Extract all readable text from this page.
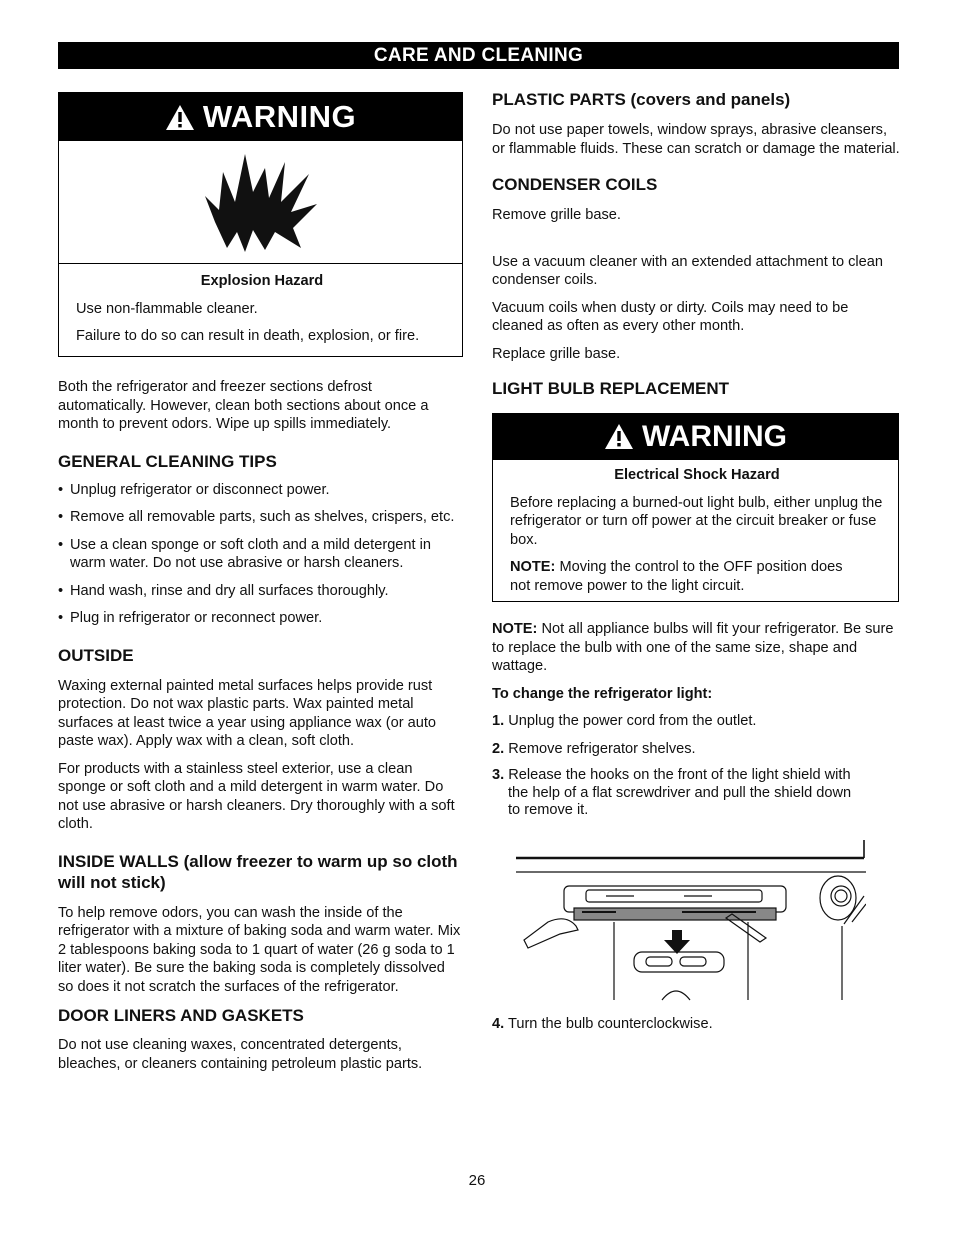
CARE AND CLEANING
WARNING

Explosion Hazard

Use non-flammable cleaner.

Failure to do so can result in death, explosion, or fire.

Both the refrigerator and freezer sections defrost automatically. However, clean both sections about once a month to prevent odors. Wipe up spills immediately.

GENERAL CLEANING TIPS
• Unplug refrigerator or disconnect power.
• Remove all removable parts, such as shelves, crispers, etc.
• Use a clean sponge or soft cloth and a mild detergent in warm water. Do not use abrasive or harsh cleaners.
• Hand wash, rinse and dry all surfaces thoroughly.
• Plug in refrigerator or reconnect power.
OUTSIDE

Waxing external painted metal surfaces helps provide rust protection. Do not wax plastic parts. Wax painted metal surfaces at least twice a year using appliance wax (or auto paste wax). Apply wax with a clean, soft cloth.

For products with a stainless steel exterior, use a clean sponge or soft cloth and a mild detergent in warm water. Do not use abrasive or harsh cleaners. Dry thoroughly with a soft cloth.

INSIDE WALLS (allow freezer to warm up so cloth will not stick)

To help remove odors, you can wash the inside of the refrigerator with a mixture of baking soda and warm water. Mix 2 tablespoons baking soda to 1 quart of water (26 g soda to 1 liter water). Be sure the baking soda is completely dissolved so does it not scratch the surfaces of the refrigerator.

DOOR LINERS AND GASKETS

Do not use cleaning waxes, concentrated detergents, bleaches, or cleaners containing petroleum plastic parts.

PLASTIC PARTS (covers and panels)

Do not use paper towels, window sprays, abrasive cleansers, or flammable fluids. These can scratch or damage the material.

CONDENSER COILS

Remove grille base.

Use a vacuum cleaner with an extended attachment to clean condenser coils.

Vacuum coils when dusty or dirty. Coils may need to be cleaned as often as every other month.

Replace grille base.

LIGHT BULB REPLACEMENT
WARNING

Electrical Shock Hazard

Before replacing a burned-out light bulb, either unplug the refrigerator or turn off power at the circuit breaker or fuse box.

NOTE: Moving the control to the OFF position does not remove power to the light circuit.

NOTE: Not all appliance bulbs will fit your refrigerator. Be sure to replace the bulb with one of the same size, shape and wattage.

To change the refrigerator light:

1. Unplug the power cord from the outlet.

2. Remove refrigerator shelves.

3. Release the hooks on the front of the light shield with the help of a flat screwdriver and pull the shield down to remove it.

4. Turn the bulb counterclockwise.

26
